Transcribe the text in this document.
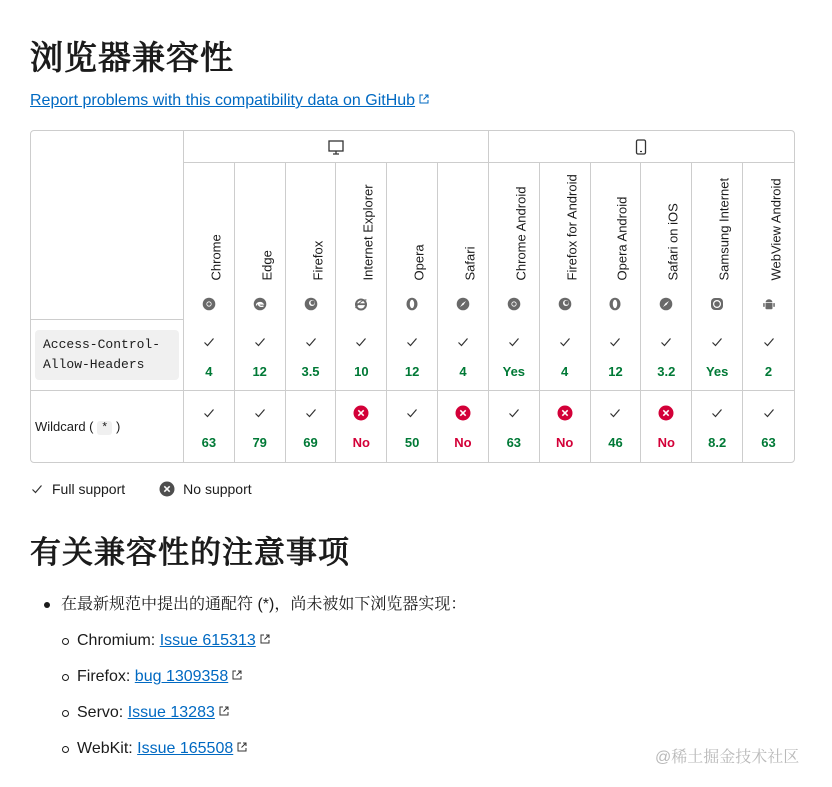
浏览器兼容性
Report problems with this compatibility data on GitHub

	Chrome	Edge	Firefox	Internet Explorer	Opera	Safari	Chrome Android	Firefox for Android	Opera Android	Safari on iOS	Samsung Internet	WebView Android

Access-Control-
Allow-Headers	4	12	3.5	10	12	4	Yes	4	12	3.2	Yes	2

Wildcard ( * )	63	79	69	No	50	No	63	No	46	No	8.2	63
Full support	No support
有关兼容性的注意事项
在最新规范中提出的通配符 (*)，尚未被如下浏览器实现：
Chromium: Issue 615313
Firefox: bug 1309358
Servo: Issue 13283
WebKit: Issue 165508
@稀土掘金技术社区
